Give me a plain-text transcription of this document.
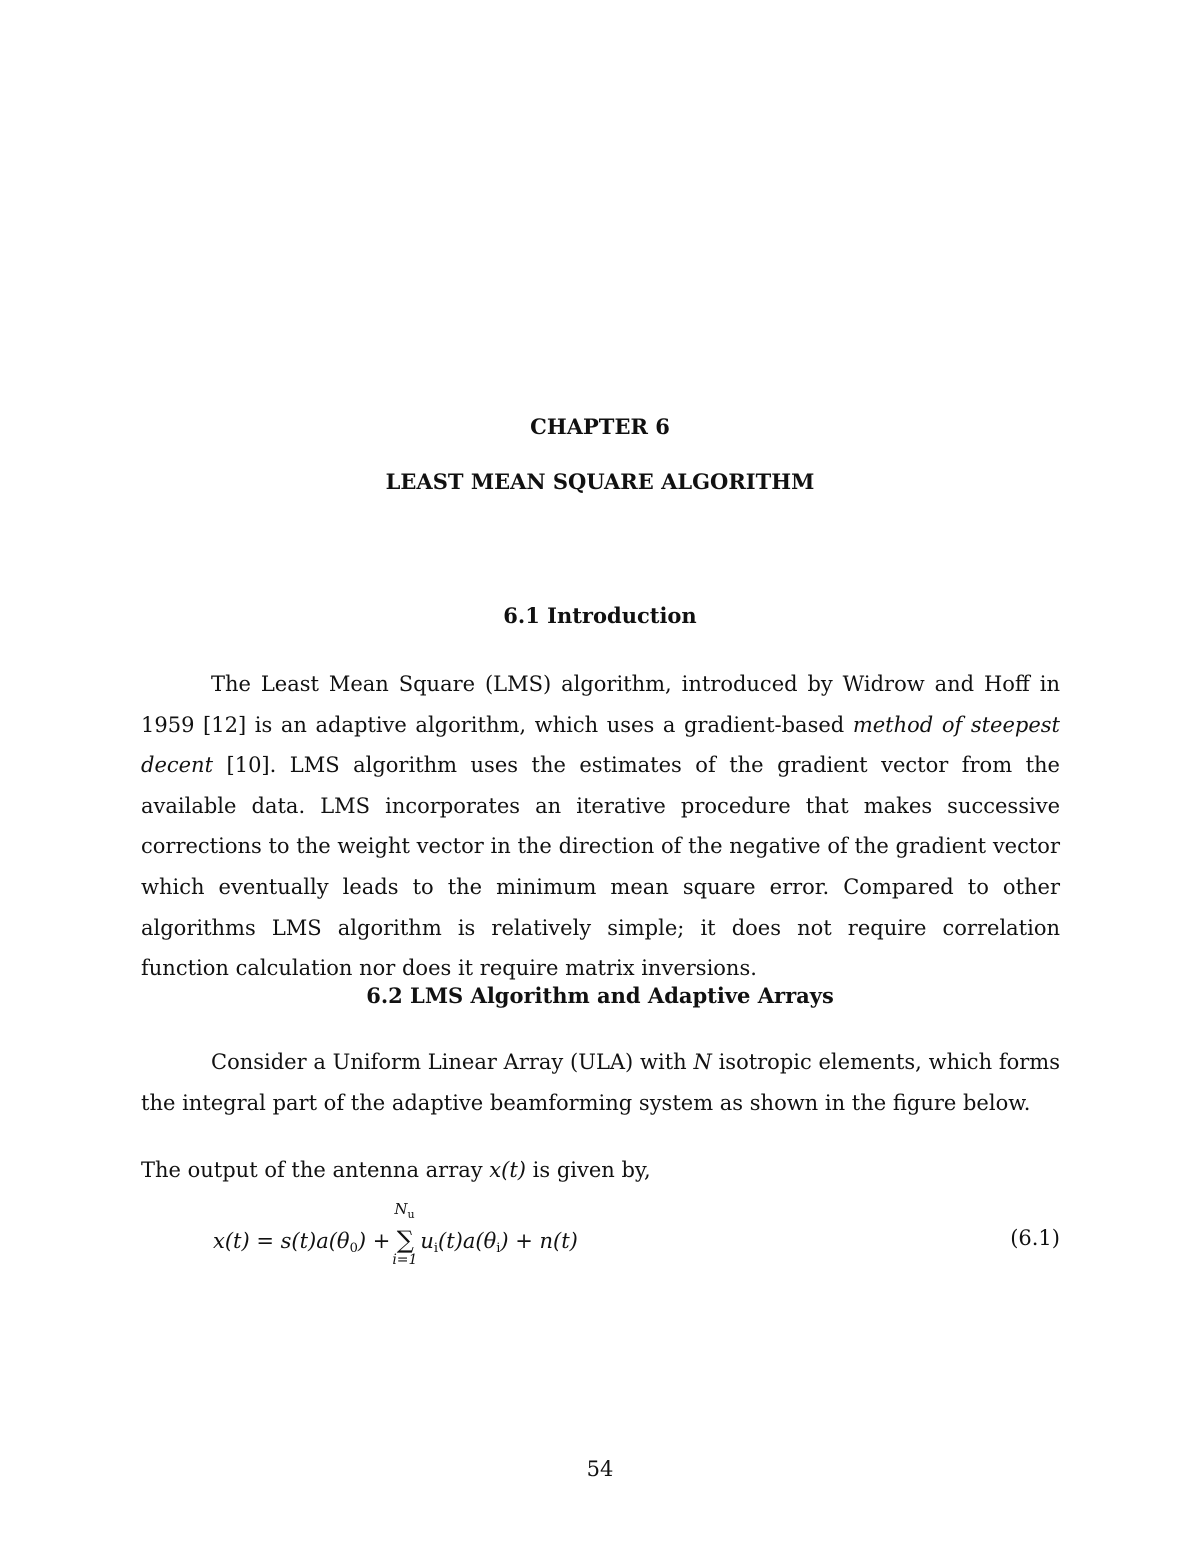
CHAPTER 6
LEAST MEAN SQUARE ALGORITHM
6.1 Introduction

The Least Mean Square (LMS) algorithm, introduced by Widrow and Hoff in 1959 [12] is an adaptive algorithm, which uses a gradient-based method of steepest decent [10]. LMS algorithm uses the estimates of the gradient vector from the available data. LMS incorporates an iterative procedure that makes successive corrections to the weight vector in the direction of the negative of the gradient vector which eventually leads to the minimum mean square error. Compared to other algorithms LMS algorithm is relatively simple; it does not require correlation function calculation nor does it require matrix inversions.

6.2 LMS Algorithm and Adaptive Arrays

Consider a Uniform Linear Array (ULA) with N isotropic elements, which forms the integral part of the adaptive beamforming system as shown in the figure below.

The output of the antenna array x(t) is given by,

$x(t) = s(t)a(\theta_0)$ +
$N_u$
∑
i=1
$u_i(t)a(\theta_i) + n(t)$	(6.1)
54
